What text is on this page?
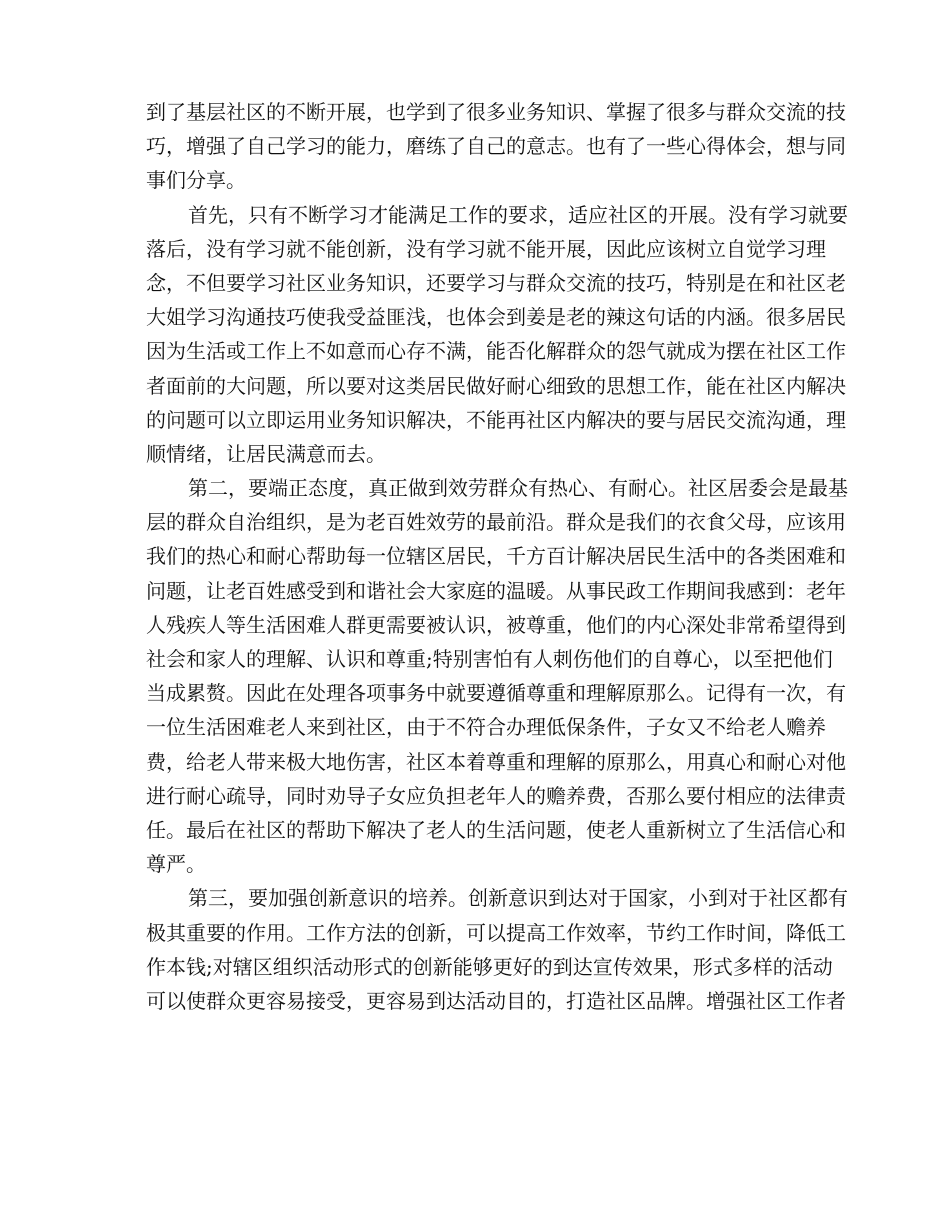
到了基层社区的不断开展，也学到了很多业务知识、掌握了很多与群众交流的技
巧，增强了自己学习的能力，磨练了自己的意志。也有了一些心得体会，想与同
事们分享。
首先，只有不断学习才能满足工作的要求，适应社区的开展。没有学习就要
落后，没有学习就不能创新，没有学习就不能开展，因此应该树立自觉学习理
念，不但要学习社区业务知识，还要学习与群众交流的技巧，特别是在和社区老
大姐学习沟通技巧使我受益匪浅，也体会到姜是老的辣这句话的内涵。很多居民
因为生活或工作上不如意而心存不满，能否化解群众的怨气就成为摆在社区工作
者面前的大问题，所以要对这类居民做好耐心细致的思想工作，能在社区内解决
的问题可以立即运用业务知识解决，不能再社区内解决的要与居民交流沟通，理
顺情绪，让居民满意而去。
第二，要端正态度，真正做到效劳群众有热心、有耐心。社区居委会是最基
层的群众自治组织，是为老百姓效劳的最前沿。群众是我们的衣食父母，应该用
我们的热心和耐心帮助每一位辖区居民，千方百计解决居民生活中的各类困难和
问题，让老百姓感受到和谐社会大家庭的温暖。从事民政工作期间我感到：老年
人残疾人等生活困难人群更需要被认识，被尊重，他们的内心深处非常希望得到
社会和家人的理解、认识和尊重;特别害怕有人刺伤他们的自尊心，以至把他们
当成累赘。因此在处理各项事务中就要遵循尊重和理解原那么。记得有一次，有
一位生活困难老人来到社区，由于不符合办理低保条件，子女又不给老人赡养
费，给老人带来极大地伤害，社区本着尊重和理解的原那么，用真心和耐心对他
进行耐心疏导，同时劝导子女应负担老年人的赡养费，否那么要付相应的法律责
任。最后在社区的帮助下解决了老人的生活问题，使老人重新树立了生活信心和
尊严。
第三，要加强创新意识的培养。创新意识到达对于国家，小到对于社区都有
极其重要的作用。工作方法的创新，可以提高工作效率，节约工作时间，降低工
作本钱;对辖区组织活动形式的创新能够更好的到达宣传效果，形式多样的活动
可以使群众更容易接受，更容易到达活动目的，打造社区品牌。增强社区工作者
